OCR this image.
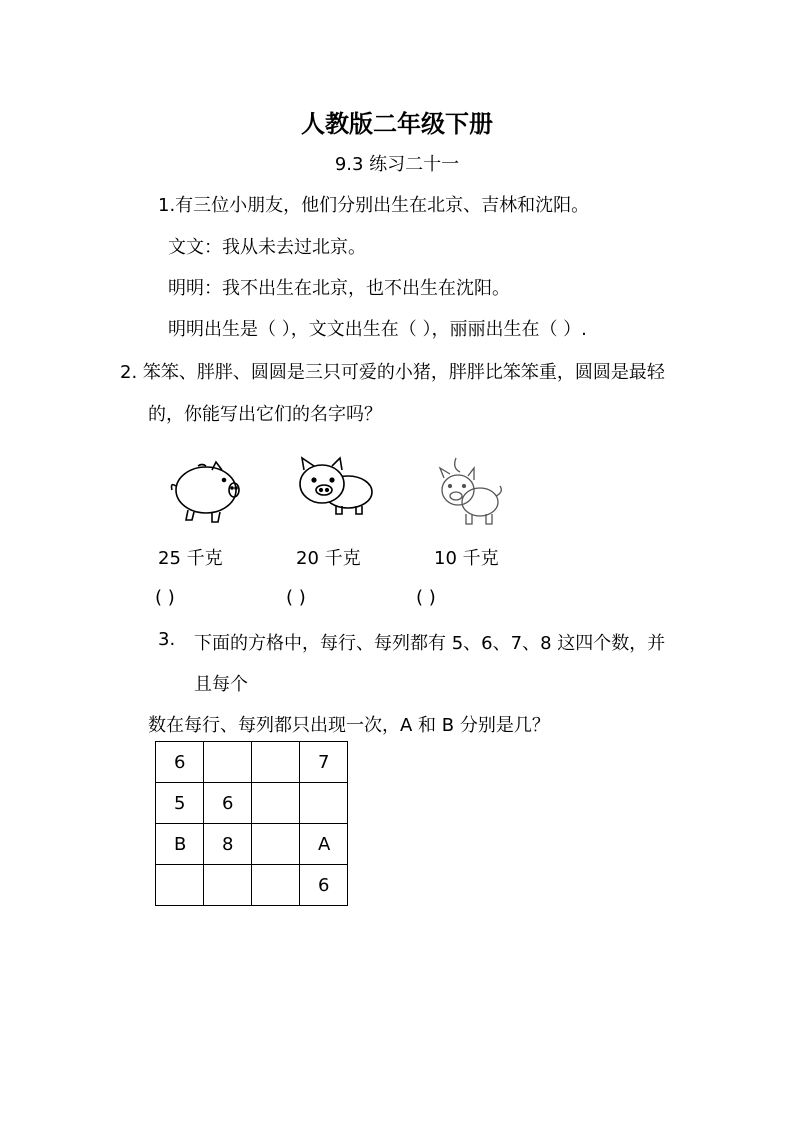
人教版二年级下册
9.3 练习二十一
1.有三位小朋友，他们分别出生在北京、吉林和沈阳。
文文：我从未去过北京。
明明：我不出生在北京，也不出生在沈阳。
明明出生是（ ），文文出生在（ ），丽丽出生在（ ）.
2. 笨笨、胖胖、圆圆是三只可爱的小猪，胖胖比笨笨重，圆圆是最轻
的，你能写出它们的名字吗？
25 千克	20 千克	10 千克
( )	( )	( )
3. 下面的方格中，每行、每列都有 5、6、7、8 这四个数，并
且每个
数在每行、每列都只出现一次，A 和 B 分别是几？
6			7
5	6		
B	8		A
			6
